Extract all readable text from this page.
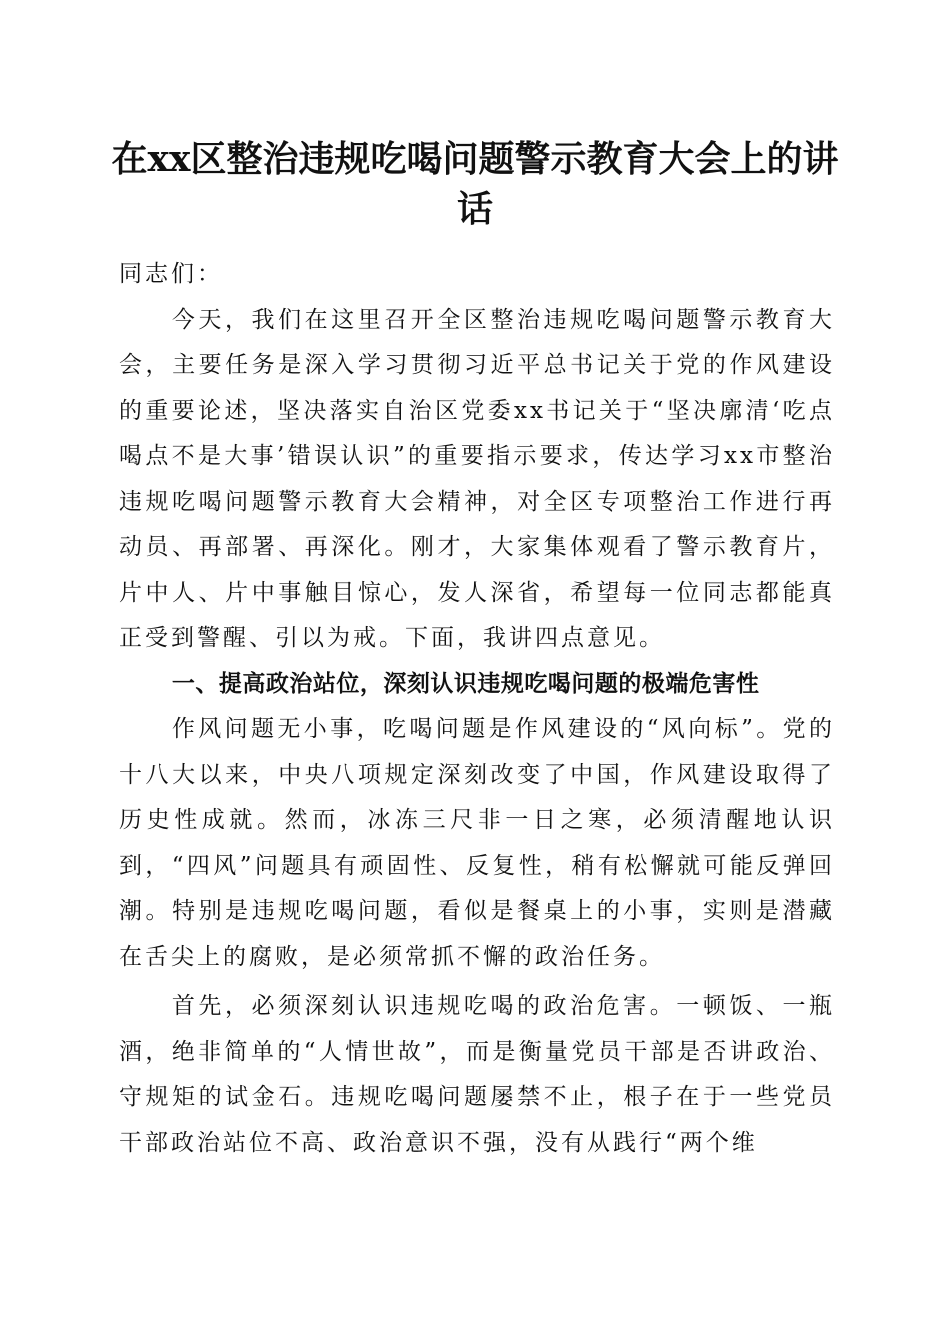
在xx区整治违规吃喝问题警示教育大会上的讲话

同志们：

今天，我们在这里召开全区整治违规吃喝问题警示教育大会，主要任务是深入学习贯彻习近平总书记关于党的作风建设的重要论述，坚决落实自治区党委xx书记关于“坚决廓清‘吃点喝点不是大事’错误认识”的重要指示要求，传达学习xx市整治违规吃喝问题警示教育大会精神，对全区专项整治工作进行再动员、再部署、再深化。刚才，大家集体观看了警示教育片，片中人、片中事触目惊心，发人深省，希望每一位同志都能真正受到警醒、引以为戒。下面，我讲四点意见。

一、提高政治站位，深刻认识违规吃喝问题的极端危害性

作风问题无小事，吃喝问题是作风建设的“风向标”。党的十八大以来，中央八项规定深刻改变了中国，作风建设取得了历史性成就。然而，冰冻三尺非一日之寒，必须清醒地认识到，“四风”问题具有顽固性、反复性，稍有松懈就可能反弹回潮。特别是违规吃喝问题，看似是餐桌上的小事，实则是潜藏在舌尖上的腐败，是必须常抓不懈的政治任务。

首先，必须深刻认识违规吃喝的政治危害。一顿饭、一瓶酒，绝非简单的“人情世故”，而是衡量党员干部是否讲政治、守规矩的试金石。违规吃喝问题屡禁不止，根子在于一些党员干部政治站位不高、政治意识不强，没有从践行“两个维
